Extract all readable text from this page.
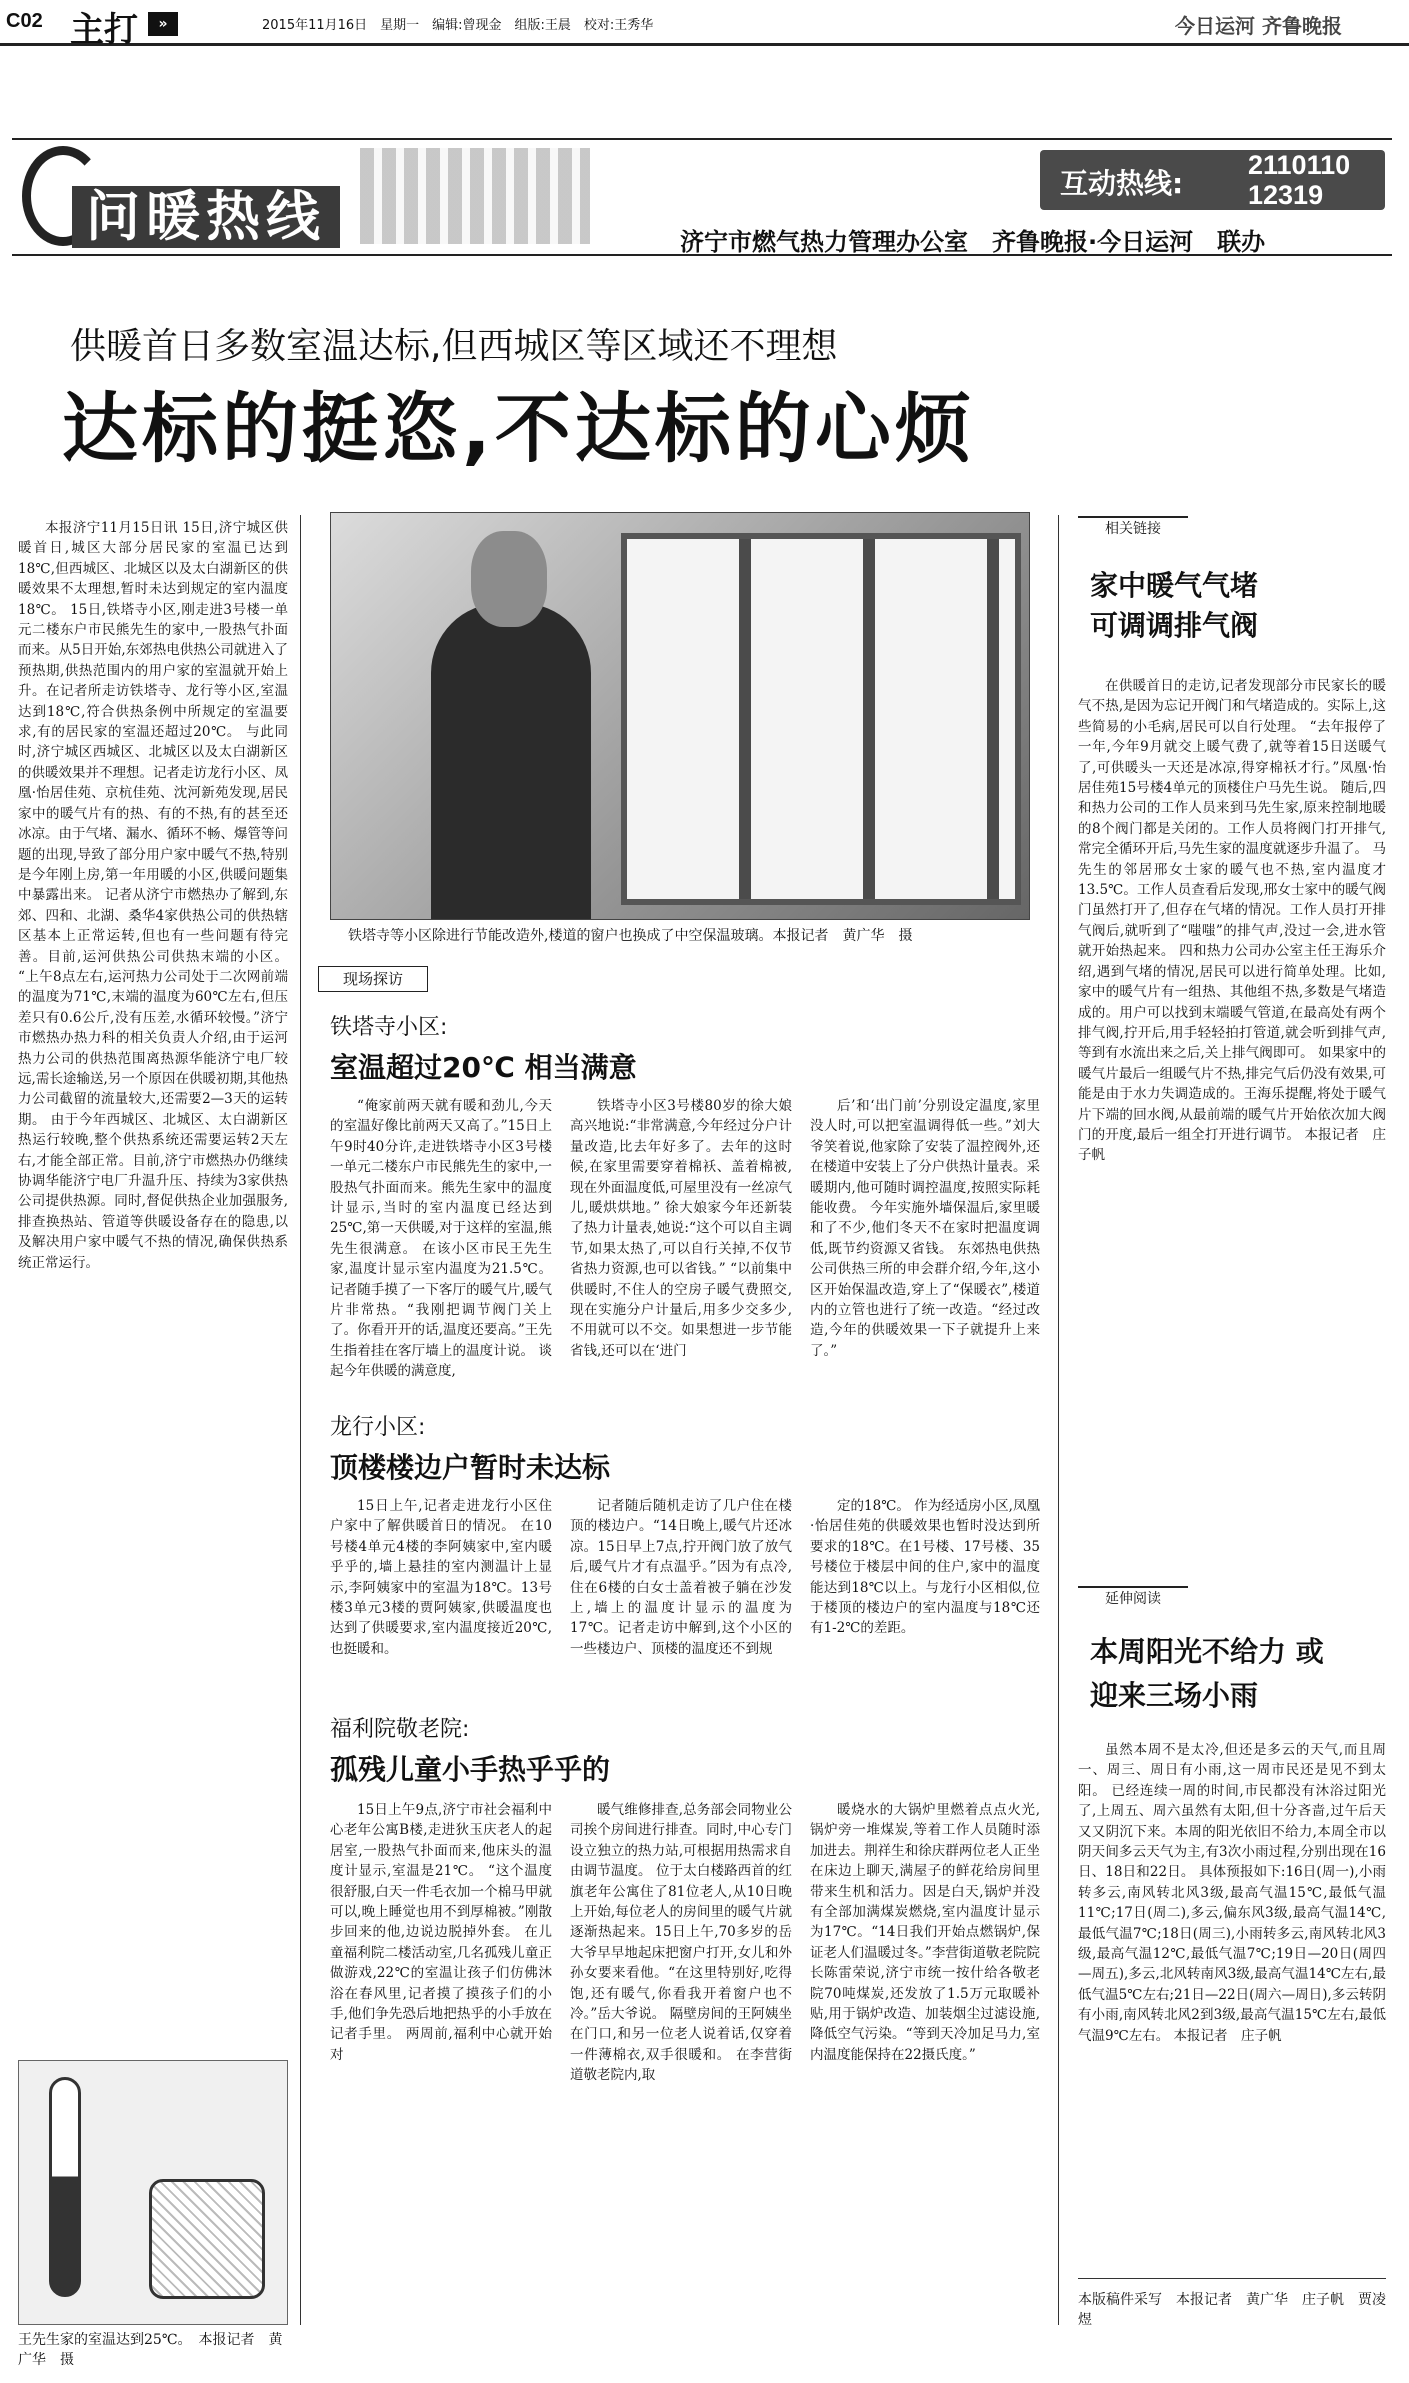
C02 主打	»	2015年11月16日　星期一　编辑:曾现金　组版:王晨　校对:王秀华	今日运河 齐鲁晚报
问暖热线
互动热线:
2110110
12319
济宁市燃气热力管理办公室　齐鲁晚报·今日运河　联办
供暖首日多数室温达标,但西城区等区域还不理想
达标的挺恣,不达标的心烦
本报济宁11月15日讯 15日,济宁城区供暖首日,城区大部分居民家的室温已达到18℃,但西城区、北城区以及太白湖新区的供暖效果不太理想,暂时未达到规定的室内温度18℃。 15日,铁塔寺小区,刚走进3号楼一单元二楼东户市民熊先生的家中,一股热气扑面而来。从5日开始,东郊热电供热公司就进入了预热期,供热范围内的用户家的室温就开始上升。在记者所走访铁塔寺、龙行等小区,室温达到18℃,符合供热条例中所规定的室温要求,有的居民家的室温还超过20℃。 与此同时,济宁城区西城区、北城区以及太白湖新区的供暖效果并不理想。记者走访龙行小区、凤凰·怡居佳苑、京杭佳苑、沈河新苑发现,居民家中的暖气片有的热、有的不热,有的甚至还冰凉。由于气堵、漏水、循环不畅、爆管等问题的出现,导致了部分用户家中暖气不热,特别是今年刚上房,第一年用暖的小区,供暖问题集中暴露出来。 记者从济宁市燃热办了解到,东郊、四和、北湖、桑华4家供热公司的供热辖区基本上正常运转,但也有一些问题有待完善。目前,运河供热公司供热末端的小区。 “上午8点左右,运河热力公司处于二次网前端的温度为71℃,末端的温度为60℃左右,但压差只有0.6公斤,没有压差,水循环较慢。”济宁市燃热办热力科的相关负责人介绍,由于运河热力公司的供热范围离热源华能济宁电厂较远,需长途输送,另一个原因在供暖初期,其他热力公司截留的流量较大,还需要2—3天的运转期。 由于今年西城区、北城区、太白湖新区热运行较晚,整个供热系统还需要运转2天左右,才能全部正常。目前,济宁市燃热办仍继续协调华能济宁电厂升温升压、持续为3家供热公司提供热源。同时,督促供热企业加强服务,排查换热站、管道等供暖设备存在的隐患,以及解决用户家中暖气不热的情况,确保供热系统正常运行。
铁塔寺等小区除进行节能改造外,楼道的窗户也换成了中空保温玻璃。本报记者　黄广华　摄
现场探访
铁塔寺小区:
室温超过20℃ 相当满意
“俺家前两天就有暖和劲儿,今天的室温好像比前两天又高了。”15日上午9时40分许,走进铁塔寺小区3号楼一单元二楼东户市民熊先生的家中,一股热气扑面而来。熊先生家中的温度计显示,当时的室内温度已经达到25℃,第一天供暖,对于这样的室温,熊先生很满意。 在该小区市民王先生家,温度计显示室内温度为21.5℃。记者随手摸了一下客厅的暖气片,暖气片非常热。“我刚把调节阀门关上了。你看开开的话,温度还要高。”王先生指着挂在客厅墙上的温度计说。 谈起今年供暖的满意度,
铁塔寺小区3号楼80岁的徐大娘高兴地说:“非常满意,今年经过分户计量改造,比去年好多了。去年的这时候,在家里需要穿着棉袄、盖着棉被,现在外面温度低,可屋里没有一丝凉气儿,暖烘烘地。” 徐大娘家今年还新装了热力计量表,她说:“这个可以自主调节,如果太热了,可以自行关掉,不仅节省热力资源,也可以省钱。” “以前集中供暖时,不住人的空房子暖气费照交,现在实施分户计量后,用多少交多少,不用就可以不交。如果想进一步节能省钱,还可以在‘进门
后’和‘出门前’分别设定温度,家里没人时,可以把室温调得低一些。”刘大爷笑着说,他家除了安装了温控阀外,还在楼道中安装上了分户供热计量表。采暖期内,他可随时调控温度,按照实际耗能收费。 今年实施外墙保温后,家里暖和了不少,他们冬天不在家时把温度调低,既节约资源又省钱。 东郊热电供热公司供热三所的申会群介绍,今年,这小区开始保温改造,穿上了“保暖衣”,楼道内的立管也进行了统一改造。“经过改造,今年的供暖效果一下子就提升上来了。”
龙行小区:
顶楼楼边户暂时未达标
15日上午,记者走进龙行小区住户家中了解供暖首日的情况。 在10号楼4单元4楼的李阿姨家中,室内暖乎乎的,墙上悬挂的室内测温计上显示,李阿姨家中的室温为18℃。13号楼3单元3楼的贾阿姨家,供暖温度也达到了供暖要求,室内温度接近20℃,也挺暖和。
记者随后随机走访了几户住在楼顶的楼边户。“14日晚上,暖气片还冰凉。15日早上7点,拧开阀门放了放气后,暖气片才有点温乎。”因为有点冷,住在6楼的白女士盖着被子躺在沙发上,墙上的温度计显示的温度为17℃。记者走访中解到,这个小区的一些楼边户、顶楼的温度还不到规
定的18℃。 作为经适房小区,凤凰·怡居佳苑的供暖效果也暂时没达到所要求的18℃。在1号楼、17号楼、35号楼位于楼层中间的住户,家中的温度能达到18℃以上。与龙行小区相似,位于楼顶的楼边户的室内温度与18℃还有1-2℃的差距。
福利院敬老院:
孤残儿童小手热乎乎的
15日上午9点,济宁市社会福利中心老年公寓B楼,走进狄玉庆老人的起居室,一股热气扑面而来,他床头的温度计显示,室温是21℃。 “这个温度很舒服,白天一件毛衣加一个棉马甲就可以,晚上睡觉也用不到厚棉被。”刚散步回来的他,边说边脱掉外套。 在儿童福利院二楼活动室,几名孤残儿童正做游戏,22℃的室温让孩子们仿佛沐浴在春风里,记者摸了摸孩子们的小手,他们争先恐后地把热乎的小手放在记者手里。 两周前,福利中心就开始对
暖气维修排查,总务部会同物业公司挨个房间进行排查。同时,中心专门设立独立的热力站,可根据用热需求自由调节温度。 位于太白楼路西首的红旗老年公寓住了81位老人,从10日晚上开始,每位老人的房间里的暖气片就逐渐热起来。15日上午,70多岁的岳大爷早早地起床把窗户打开,女儿和外孙女要来看他。“在这里特别好,吃得饱,还有暖气,你看我开着窗户也不冷。”岳大爷说。 隔壁房间的王阿姨坐在门口,和另一位老人说着话,仅穿着一件薄棉衣,双手很暖和。 在李营街道敬老院内,取
暖烧水的大锅炉里燃着点点火光,锅炉旁一堆煤炭,等着工作人员随时添加进去。荆祥生和徐庆群两位老人正坐在床边上聊天,满屋子的鲜花给房间里带来生机和活力。因是白天,锅炉并没有全部加满煤炭燃烧,室内温度计显示为17℃。“14日我们开始点燃锅炉,保证老人们温暖过冬。”李营街道敬老院院长陈雷荣说,济宁市统一按什给各敬老院70吨煤炭,还发放了1.5万元取暖补贴,用于锅炉改造、加装烟尘过滤设施,降低空气污染。“等到天冷加足马力,室内温度能保持在22摄氏度。”
王先生家的室温达到25℃。　本报记者　黄广华　摄
相关链接
家中暖气气堵 可调调排气阀
在供暖首日的走访,记者发现部分市民家长的暖气不热,是因为忘记开阀门和气堵造成的。实际上,这些简易的小毛病,居民可以自行处理。 “去年报停了一年,今年9月就交上暖气费了,就等着15日送暖气了,可供暖头一天还是冰凉,得穿棉袄才行。”凤凰·怡居佳苑15号楼4单元的顶楼住户马先生说。 随后,四和热力公司的工作人员来到马先生家,原来控制地暖的8个阀门都是关闭的。工作人员将阀门打开排气,常完全循环开后,马先生家的温度就逐步升温了。 马先生的邻居邢女士家的暖气也不热,室内温度才13.5℃。工作人员查看后发现,邢女士家中的暖气阀门虽然打开了,但存在气堵的情况。工作人员打开排气阀后,就听到了“嗤嗤”的排气声,没过一会,进水管就开始热起来。 四和热力公司办公室主任王海乐介绍,遇到气堵的情况,居民可以进行简单处理。比如,家中的暖气片有一组热、其他组不热,多数是气堵造成的。用户可以找到末端暖气管道,在最高处有两个排气阀,拧开后,用手轻轻拍打管道,就会听到排气声,等到有水流出来之后,关上排气阀即可。 如果家中的暖气片最后一组暖气片不热,排完气后仍没有效果,可能是由于水力失调造成的。王海乐提醒,将处于暖气片下端的回水阀,从最前端的暖气片开始依次加大阀门的开度,最后一组全打开进行调节。 本报记者　庄子帆
延伸阅读
本周阳光不给力 或迎来三场小雨
虽然本周不是太冷,但还是多云的天气,而且周一、周三、周日有小雨,这一周市民还是见不到太阳。 已经连续一周的时间,市民都没有沐浴过阳光了,上周五、周六虽然有太阳,但十分吝啬,过午后天又又阴沉下来。本周的阳光依旧不给力,本周全市以阴天间多云天气为主,有3次小雨过程,分别出现在16日、18日和22日。 具体预报如下:16日(周一),小雨转多云,南风转北风3级,最高气温15℃,最低气温11℃;17日(周二),多云,偏东风3级,最高气温14℃,最低气温7℃;18日(周三),小雨转多云,南风转北风3级,最高气温12℃,最低气温7℃;19日—20日(周四—周五),多云,北风转南风3级,最高气温14℃左右,最低气温5℃左右;21日—22日(周六—周日),多云转阴有小雨,南风转北风2到3级,最高气温15℃左右,最低气温9℃左右。 本报记者　庄子帆
本版稿件采写　本报记者　黄广华　庄子帆　贾凌煜
